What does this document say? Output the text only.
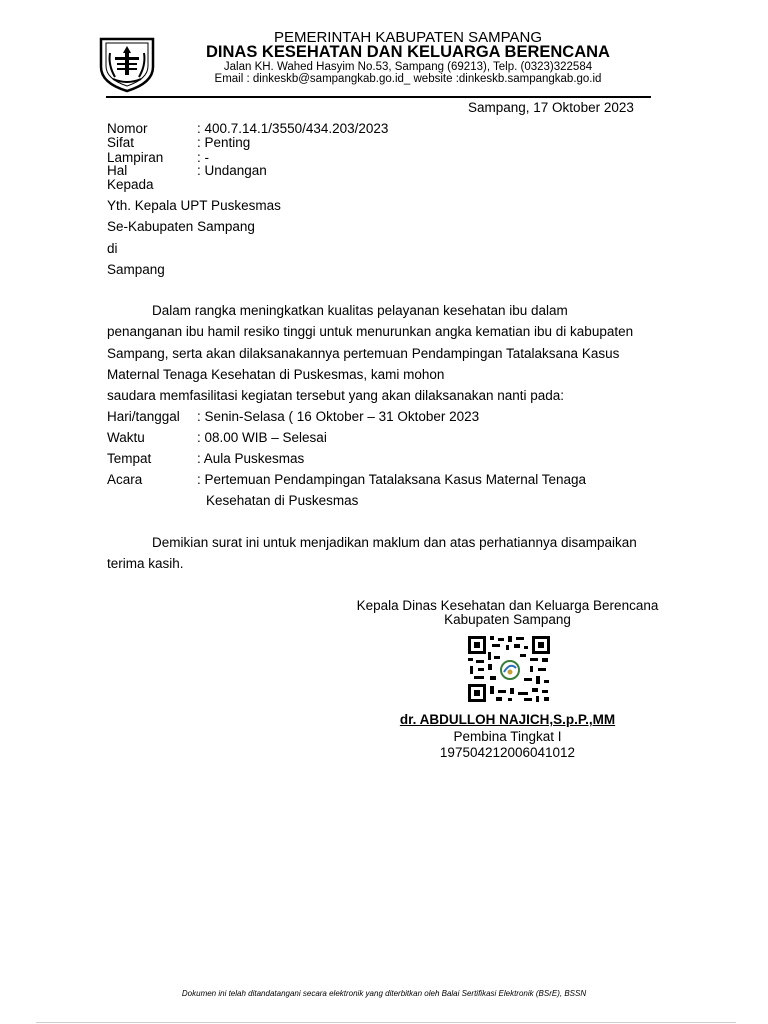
PEMERINTAH KABUPATEN SAMPANG
DINAS KESEHATAN DAN KELUARGA BERENCANA
Jalan KH. Wahed Hasyim No.53, Sampang (69213), Telp. (0323)322584
Email : dinkeskb@sampangkab.go.id_ website :dinkeskb.sampangkab.go.id
Sampang, 17 Oktober 2023
Nomor	: 400.7.14.1/3550/434.203/2023
Sifat	: Penting
Lampiran : -
Hal	: Undangan
Kepada
Yth. Kepala UPT Puskesmas
Se-Kabupaten Sampang
di
Sampang
Dalam rangka meningkatkan kualitas pelayanan kesehatan ibu dalam
penanganan ibu hamil resiko tinggi untuk menurunkan angka kematian ibu di kabupaten
Sampang, serta akan dilaksanakannya pertemuan Pendampingan Tatalaksana Kasus
Maternal Tenaga Kesehatan di Puskesmas, kami mohon
saudara memfasilitasi kegiatan tersebut yang akan dilaksanakan nanti pada:
Hari/tanggal : Senin-Selasa ( 16 Oktober – 31 Oktober 2023
Waktu	: 08.00 WIB – Selesai
Tempat	: Aula Puskesmas
Acara	: Pertemuan Pendampingan Tatalaksana Kasus Maternal Tenaga
Kesehatan di Puskesmas
Demikian surat ini untuk menjadikan maklum dan atas perhatiannya disampaikan
terima kasih.
Kepala Dinas Kesehatan dan Keluarga Berencana
Kabupaten Sampang
dr. ABDULLOH NAJICH,S.p.P.,MM
Pembina Tingkat I
197504212006041012
Dokumen ini telah ditandatangani secara elektronik yang diterbitkan oleh Balai Sertifikasi Elektronik (BSrE), BSSN
